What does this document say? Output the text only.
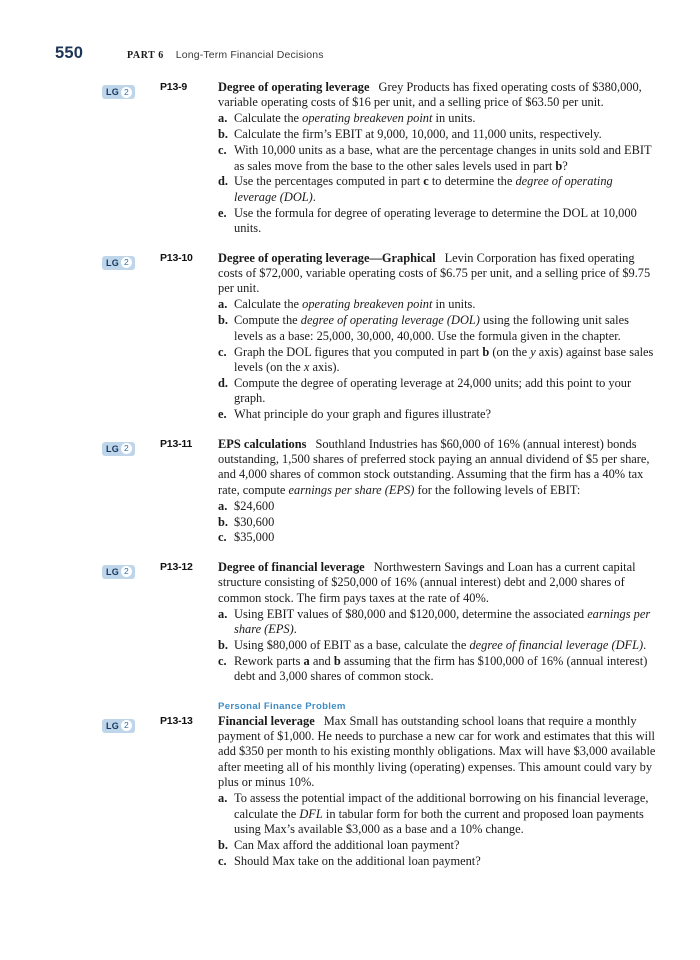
550	PART 6 Long-Term Financial Decisions
LG 2	P13-9	Degree of operating leverage Grey Products has fixed operating costs of $380,000, variable operating costs of $16 per unit, and a selling price of $63.50 per unit.

a. Calculate the operating breakeven point in units.
b. Calculate the firm’s EBIT at 9,000, 10,000, and 11,000 units, respectively.
c. With 10,000 units as a base, what are the percentage changes in units sold and EBIT as sales move from the base to the other sales levels used in part b?
d. Use the percentages computed in part c to determine the degree of operating leverage (DOL).
e. Use the formula for degree of operating leverage to determine the DOL at 10,000 units.
LG 2	P13-10	Degree of operating leverage—Graphical Levin Corporation has fixed operating costs of $72,000, variable operating costs of $6.75 per unit, and a selling price of $9.75 per unit.

a. Calculate the operating breakeven point in units.
b. Compute the degree of operating leverage (DOL) using the following unit sales levels as a base: 25,000, 30,000, 40,000. Use the formula given in the chapter.
c. Graph the DOL figures that you computed in part b (on the y axis) against base sales levels (on the x axis).
d. Compute the degree of operating leverage at 24,000 units; add this point to your graph.
e. What principle do your graph and figures illustrate?
LG 2	P13-11	EPS calculations Southland Industries has $60,000 of 16% (annual interest) bonds outstanding, 1,500 shares of preferred stock paying an annual dividend of $5 per share, and 4,000 shares of common stock outstanding. Assuming that the firm has a 40% tax rate, compute earnings per share (EPS) for the following levels of EBIT:

a. $24,600
b. $30,600
c. $35,000
LG 2	P13-12	Degree of financial leverage Northwestern Savings and Loan has a current capital structure consisting of $250,000 of 16% (annual interest) debt and 2,000 shares of common stock. The firm pays taxes at the rate of 40%.

a. Using EBIT values of $80,000 and $120,000, determine the associated earnings per share (EPS).
b. Using $80,000 of EBIT as a base, calculate the degree of financial leverage (DFL).
c. Rework parts a and b assuming that the firm has $100,000 of 16% (annual interest) debt and 3,000 shares of common stock.
Personal Finance Problem
LG 2	P13-13	Financial leverage Max Small has outstanding school loans that require a monthly payment of $1,000. He needs to purchase a new car for work and estimates that this will add $350 per month to his existing monthly obligations. Max will have $3,000 available after meeting all of his monthly living (operating) expenses. This amount could vary by plus or minus 10%.

a. To assess the potential impact of the additional borrowing on his financial leverage, calculate the DFL in tabular form for both the current and proposed loan payments using Max’s available $3,000 as a base and a 10% change.
b. Can Max afford the additional loan payment?
c. Should Max take on the additional loan payment?
